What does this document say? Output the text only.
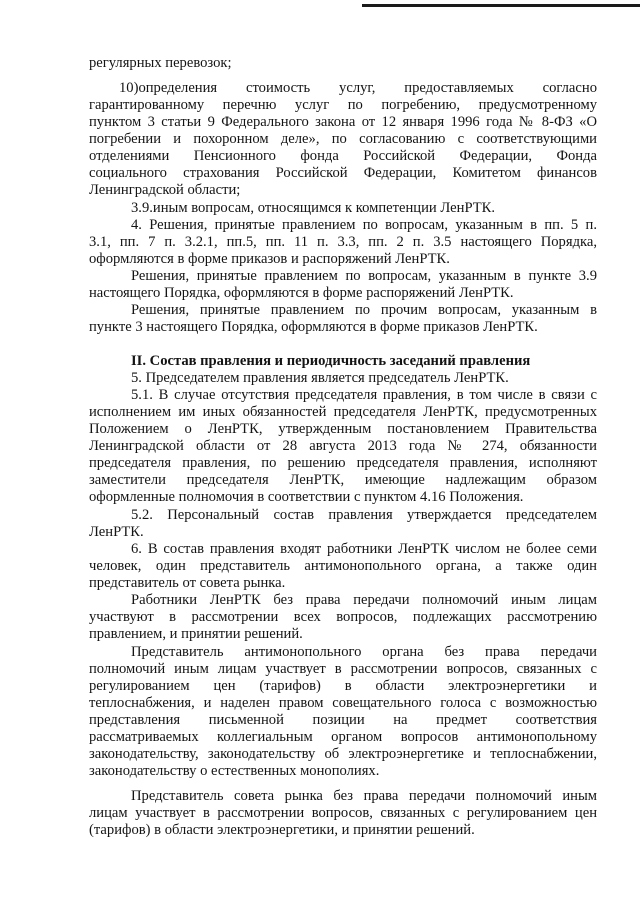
регулярных перевозок;
10)определения стоимость услуг, предоставляемых согласно
гарантированному перечню услуг по погребению, предусмотренному
пунктом 3 статьи 9 Федерального закона от 12 января 1996 года № 8-ФЗ «О
погребении и похоронном деле», по согласованию с соответствующими
отделениями Пенсионного фонда Российской Федерации, Фонда
социального страхования Российской Федерации, Комитетом финансов
Ленинградской области;
3.9.иным вопросам, относящимся к компетенции ЛенРТК.
4. Решения, принятые правлением по вопросам, указанным в пп. 5 п.
3.1, пп. 7 п. 3.2.1, пп.5, пп. 11 п. 3.3, пп. 2 п. 3.5 настоящего Порядка,
оформляются в форме приказов и распоряжений ЛенРТК.
Решения, принятые правлением по вопросам, указанным в пункте 3.9
настоящего Порядка, оформляются в форме распоряжений ЛенРТК.
Решения, принятые правлением по прочим вопросам, указанным в
пункте 3 настоящего Порядка, оформляются в форме приказов ЛенРТК.
II. Состав правления и периодичность заседаний правления
5. Председателем правления является председатель ЛенРТК.
5.1. В случае отсутствия председателя правления, в том числе в связи с
исполнением им иных обязанностей председателя ЛенРТК, предусмотренных
Положением о ЛенРТК, утвержденным постановлением Правительства
Ленинградской области от 28 августа 2013 года № 274, обязанности
председателя правления, по решению председателя правления, исполняют
заместители председателя ЛенРТК, имеющие надлежащим образом
оформленные полномочия в соответствии с пунктом 4.16 Положения.
5.2. Персональный состав правления утверждается председателем
ЛенРТК.
6. В состав правления входят работники ЛенРТК числом не более семи
человек, один представитель антимонопольного органа, а также один
представитель от совета рынка.
Работники ЛенРТК без права передачи полномочий иным лицам
участвуют в рассмотрении всех вопросов, подлежащих рассмотрению
правлением, и принятии решений.
Представитель антимонопольного органа без права передачи
полномочий иным лицам участвует в рассмотрении вопросов, связанных с
регулированием цен (тарифов) в области электроэнергетики и
теплоснабжения, и наделен правом совещательного голоса с возможностью
представления письменной позиции на предмет соответствия
рассматриваемых коллегиальным органом вопросов антимонопольному
законодательству, законодательству об электроэнергетике и теплоснабжении,
законодательству о естественных монополиях.
Представитель совета рынка без права передачи полномочий иным
лицам участвует в рассмотрении вопросов, связанных с регулированием цен
(тарифов) в области электроэнергетики, и принятии решений.
